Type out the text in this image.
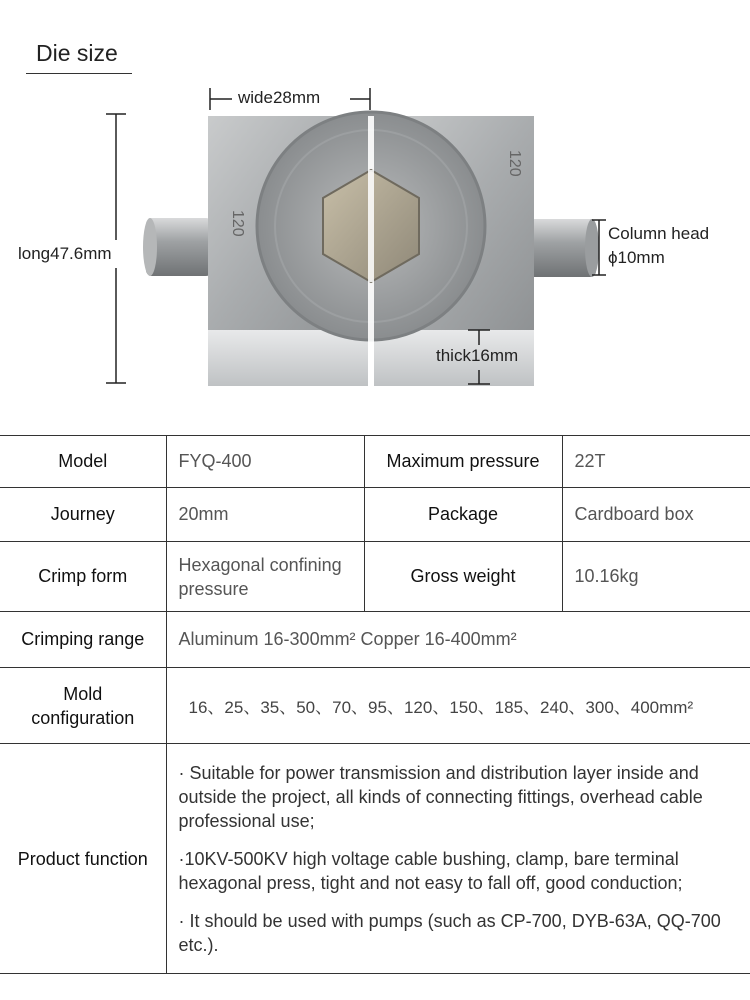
Die size
120
120
wide28mm
long47.6mm
Column head
ϕ10mm
thick16mm
Model	FYQ-400	Maximum pressure	22T
Journey	20mm	Package	Cardboard box
Crimp form	Hexagonal confining pressure	Gross weight	10.16kg
Crimping range	Aluminum 16-300mm² Copper 16-400mm²		
Mold configuration	16、25、35、50、70、95、120、150、185、240、300、400mm²		
Product function	· Suitable for power transmission and distribution layer inside and outside the project, all kinds of connecting fittings, overhead cable professional use;

·10KV-500KV high voltage cable bushing, clamp, bare terminal hexagonal press, tight and not easy to fall off, good conduction;

· It should be used with pumps (such as CP-700, DYB-63A, QQ-700 etc.).		
